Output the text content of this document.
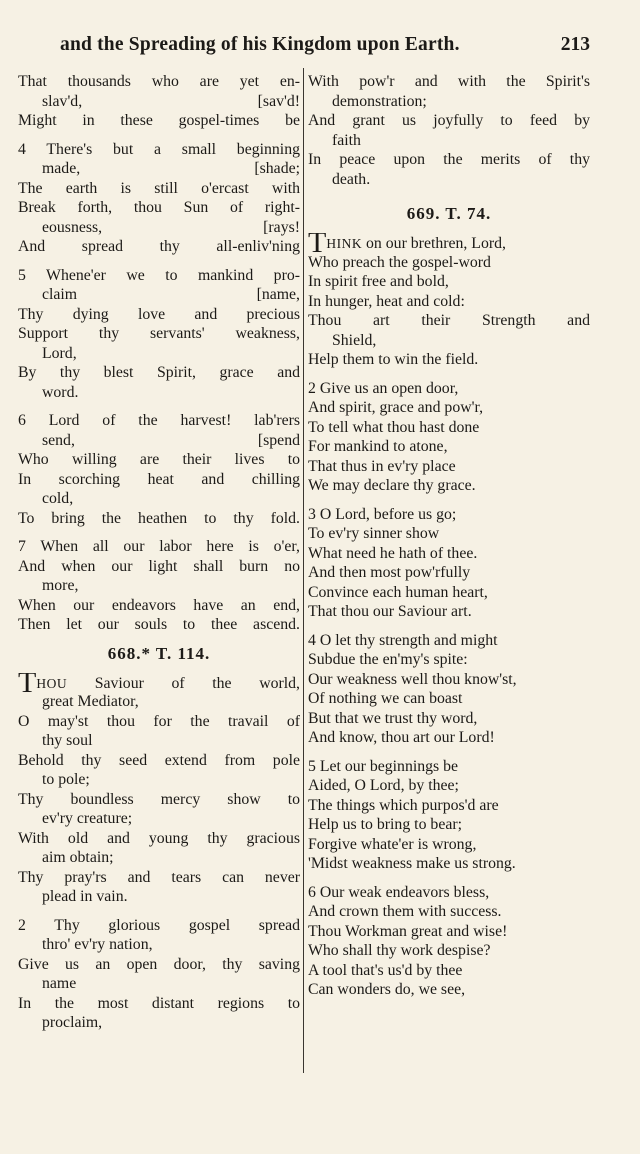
and the Spreading of his Kingdom upon Earth.	213
That thousands who are yet en-
slav'd,	[sav'd!
Might in these gospel-times be
4 There's but a small beginning
made,	[shade;
The earth is still o'ercast with
Break forth, thou Sun of right-
eousness,	[rays!
And spread thy all-enliv'ning
5 Whene'er we to mankind pro-
claim	[name,
Thy dying love and precious
Support thy servants' weakness,
Lord,
By thy blest Spirit, grace and
word.
6 Lord of the harvest! lab'rers
send,	[spend
Who willing are their lives to
In scorching heat and chilling
cold,
To bring the heathen to thy fold.
7 When all our labor here is o'er,
And when our light shall burn no
more,
When our endeavors have an end,
Then let our souls to thee ascend.
668.* T. 114.
THOU Saviour of the world,
great Mediator,
O may'st thou for the travail of
thy soul
Behold thy seed extend from pole
to pole;
Thy boundless mercy show to
ev'ry creature;
With old and young thy gracious
aim obtain;
Thy pray'rs and tears can never
plead in vain.
2 Thy glorious gospel spread
thro' ev'ry nation,
Give us an open door, thy saving
name
In the most distant regions to
proclaim,
With pow'r and with the Spirit's
demonstration;
And grant us joyfully to feed by
faith
In peace upon the merits of thy
death.
669. T. 74.
THINK on our brethren, Lord,
Who preach the gospel-word
In spirit free and bold,
In hunger, heat and cold:
Thou art their Strength and
Shield,
Help them to win the field.
2 Give us an open door,
And spirit, grace and pow'r,
To tell what thou hast done
For mankind to atone,
That thus in ev'ry place
We may declare thy grace.
3 O Lord, before us go;
To ev'ry sinner show
What need he hath of thee.
And then most pow'rfully
Convince each human heart,
That thou our Saviour art.
4 O let thy strength and might
Subdue the en'my's spite:
Our weakness well thou know'st,
Of nothing we can boast
But that we trust thy word,
And know, thou art our Lord!
5 Let our beginnings be
Aided, O Lord, by thee;
The things which purpos'd are
Help us to bring to bear;
Forgive whate'er is wrong,
'Midst weakness make us strong.
6 Our weak endeavors bless,
And crown them with success.
Thou Workman great and wise!
Who shall thy work despise?
A tool that's us'd by thee
Can wonders do, we see,
